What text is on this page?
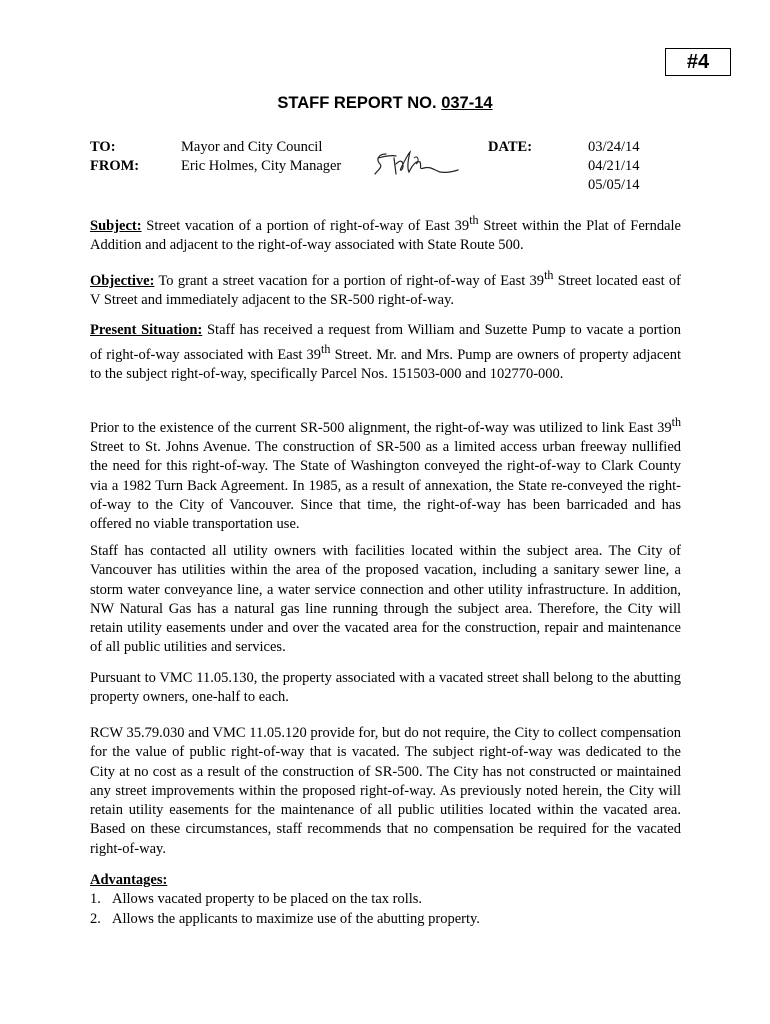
#4
STAFF REPORT NO. 037-14
TO:	Mayor and City Council
FROM:	Eric Holmes, City Manager
DATE:	03/24/14
04/21/14
05/05/14

Subject: Street vacation of a portion of right-of-way of East 39th Street within the Plat of Ferndale Addition and adjacent to the right-of-way associated with State Route 500.

Objective: To grant a street vacation for a portion of right-of-way of East 39th Street located east of V Street and immediately adjacent to the SR-500 right-of-way.

Present Situation: Staff has received a request from William and Suzette Pump to vacate a portion of right-of-way associated with East 39th Street. Mr. and Mrs. Pump are owners of property adjacent to the subject right-of-way, specifically Parcel Nos. 151503-000 and 102770-000.

Prior to the existence of the current SR-500 alignment, the right-of-way was utilized to link East 39th Street to St. Johns Avenue. The construction of SR-500 as a limited access urban freeway nullified the need for this right-of-way. The State of Washington conveyed the right-of-way to Clark County via a 1982 Turn Back Agreement. In 1985, as a result of annexation, the State re-conveyed the right-of-way to the City of Vancouver. Since that time, the right-of-way has been barricaded and has offered no viable transportation use.

Staff has contacted all utility owners with facilities located within the subject area. The City of Vancouver has utilities within the area of the proposed vacation, including a sanitary sewer line, a storm water conveyance line, a water service connection and other utility infrastructure. In addition, NW Natural Gas has a natural gas line running through the subject area. Therefore, the City will retain utility easements under and over the vacated area for the construction, repair and maintenance of all public utilities and services.

Pursuant to VMC 11.05.130, the property associated with a vacated street shall belong to the abutting property owners, one-half to each.

RCW 35.79.030 and VMC 11.05.120 provide for, but do not require, the City to collect compensation for the value of public right-of-way that is vacated. The subject right-of-way was dedicated to the City at no cost as a result of the construction of SR-500. The City has not constructed or maintained any street improvements within the proposed right-of-way. As previously noted herein, the City will retain utility easements for the maintenance of all public utilities located within the vacated area. Based on these circumstances, staff recommends that no compensation be required for the vacated right-of-way.

Advantages:

1. Allows vacated property to be placed on the tax rolls.
2. Allows the applicants to maximize use of the abutting property.
